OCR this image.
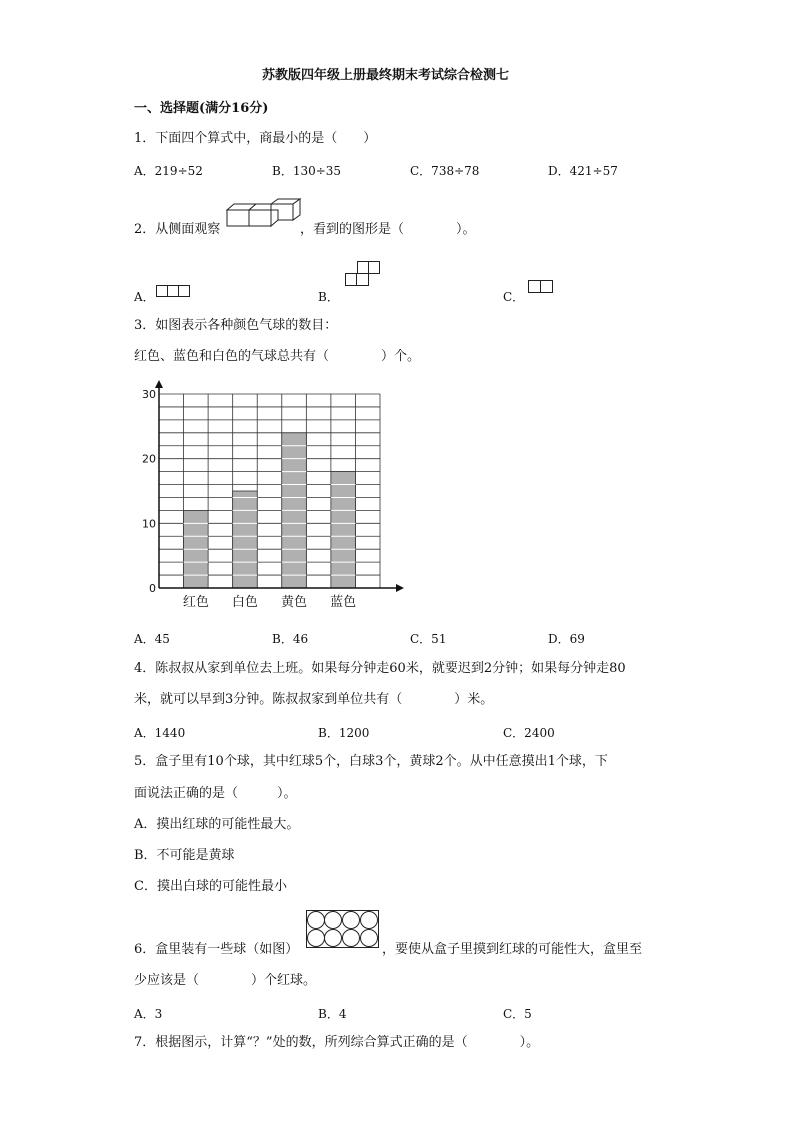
苏教版四年级上册最终期末考试综合检测七
一、选择题(满分16分)
1．下面四个算式中，商最小的是（　　）
A．219÷52	B．130÷35	C．738÷78	D．421÷57
2．从侧面观察	，看到的图形是（　　　　）。
A．	B．	C．
3．如图表示各种颜色气球的数目：
红色、蓝色和白色的气球总共有（　　　　）个。
红色 白色 黄色 蓝色
0
10
20
30
A．45	B．46	C．51	D．69
4．陈叔叔从家到单位去上班。如果每分钟走60米，就要迟到2分钟；如果每分钟走80
米，就可以早到3分钟。陈叔叔家到单位共有（　　　　）米。
A．1440	B．1200	C．2400
5．盒子里有10个球，其中红球5个，白球3个，黄球2个。从中任意摸出1个球，下
面说法正确的是（　　　）。
A．摸出红球的可能性最大。
B．不可能是黄球
C．摸出白球的可能性最小
6．盒里装有一些球（如图）	，要使从盒子里摸到红球的可能性大，盒里至
少应该是（　　　　）个红球。
A．3	B．4	C．5
7．根据图示，计算“？”处的数，所列综合算式正确的是（　　　　）。
